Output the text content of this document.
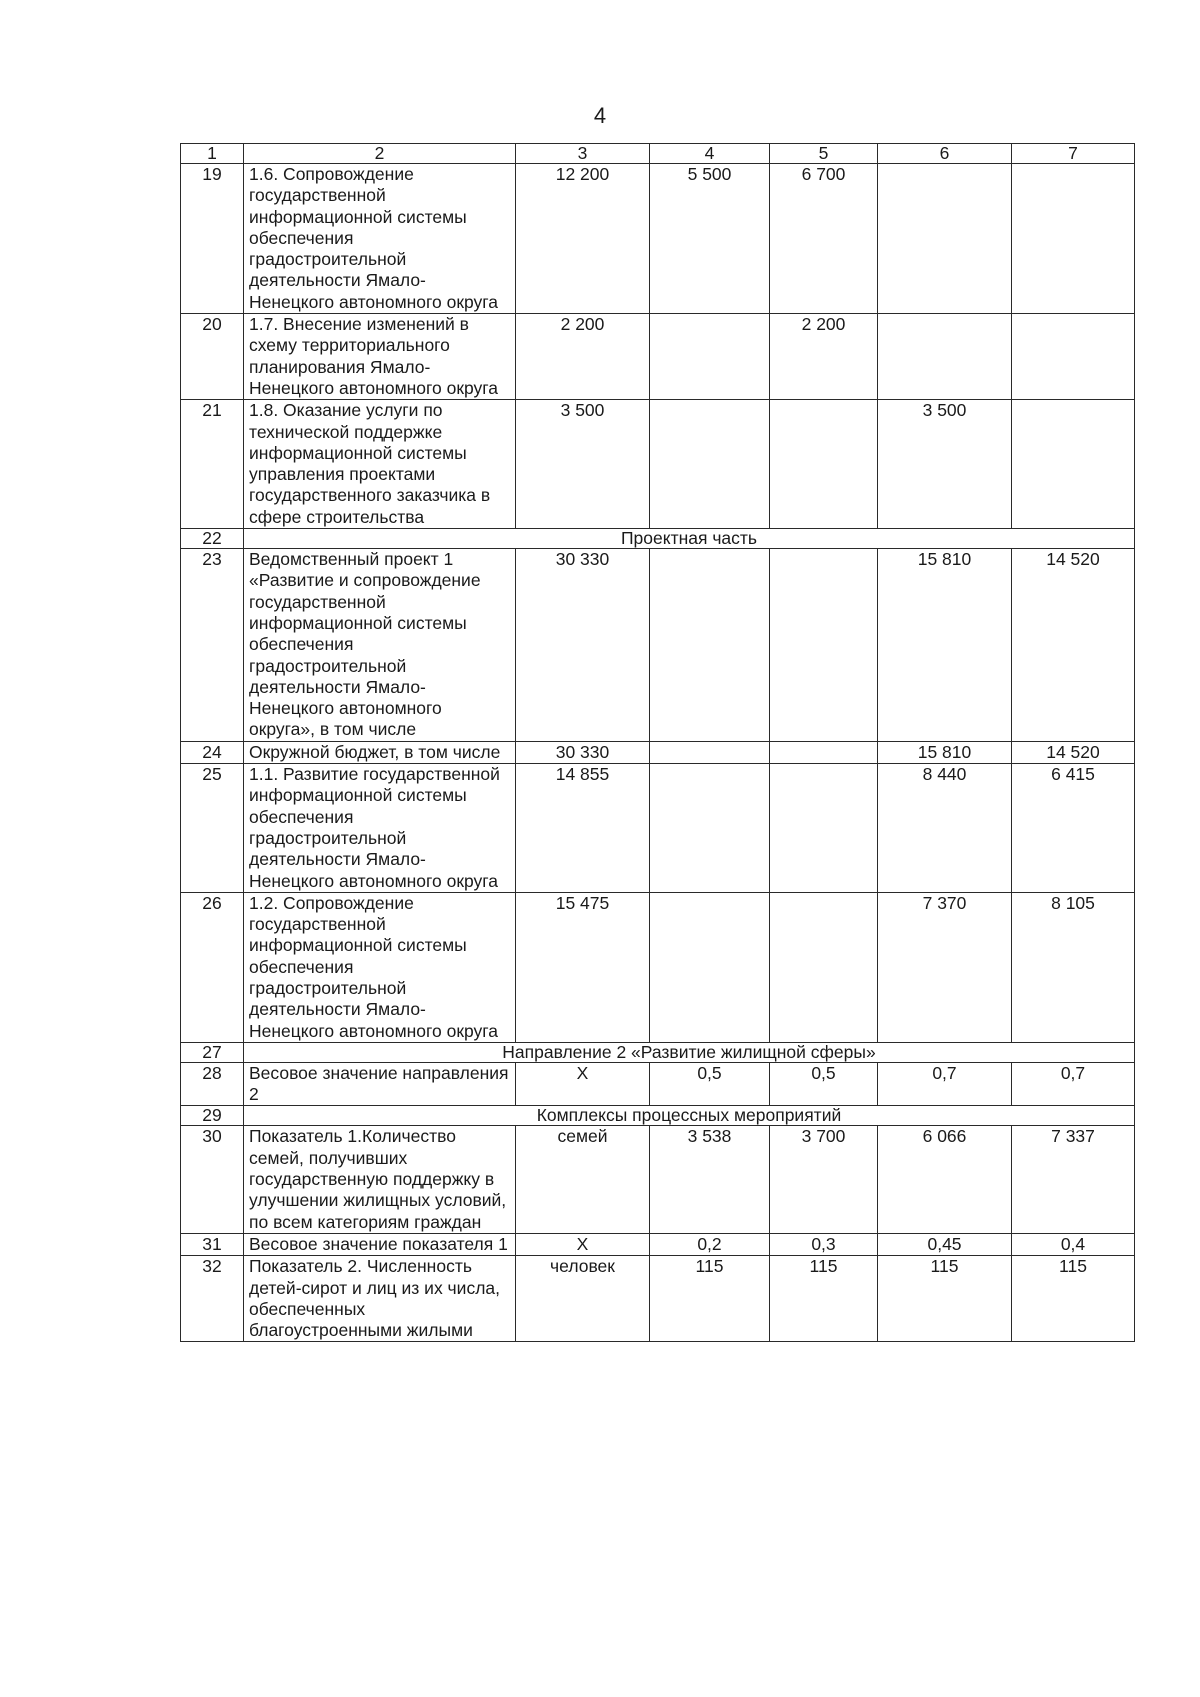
4
1	2	3	4	5	6	7
19	1.6. Сопровождение государственной информационной системы обеспечения градостроительной деятельности Ямало-Ненецкого автономного округа	12 200	5 500	6 700		
20	1.7. Внесение изменений в схему территориального планирования Ямало-Ненецкого автономного округа	2 200		2 200		
21	1.8. Оказание услуги по технической поддержке информационной системы управления проектами государственного заказчика в сфере строительства	3 500			3 500	
22	Проектная часть					
23	Ведомственный проект 1 «Развитие и сопровождение государственной информационной системы обеспечения градостроительной деятельности Ямало-Ненецкого автономного округа», в том числе	30 330			15 810	14 520
24	Окружной бюджет, в том числе	30 330			15 810	14 520
25	1.1. Развитие государственной информационной системы обеспечения градостроительной деятельности Ямало-Ненецкого автономного округа	14 855			8 440	6 415
26	1.2. Сопровождение государственной информационной системы обеспечения градостроительной деятельности Ямало-Ненецкого автономного округа	15 475			7 370	8 105
27	Направление 2 «Развитие жилищной сферы»					
28	Весовое значение направления 2	X	0,5	0,5	0,7	0,7
29	Комплексы процессных мероприятий					
30	Показатель 1.Количество семей, получивших государственную поддержку в улучшении жилищных условий, по всем категориям граждан	семей	3 538	3 700	6 066	7 337
31	Весовое значение показателя 1	X	0,2	0,3	0,45	0,4
32	Показатель 2. Численность детей-сирот и лиц из их числа, обеспеченных благоустроенными жилыми	человек	115	115	115	115
